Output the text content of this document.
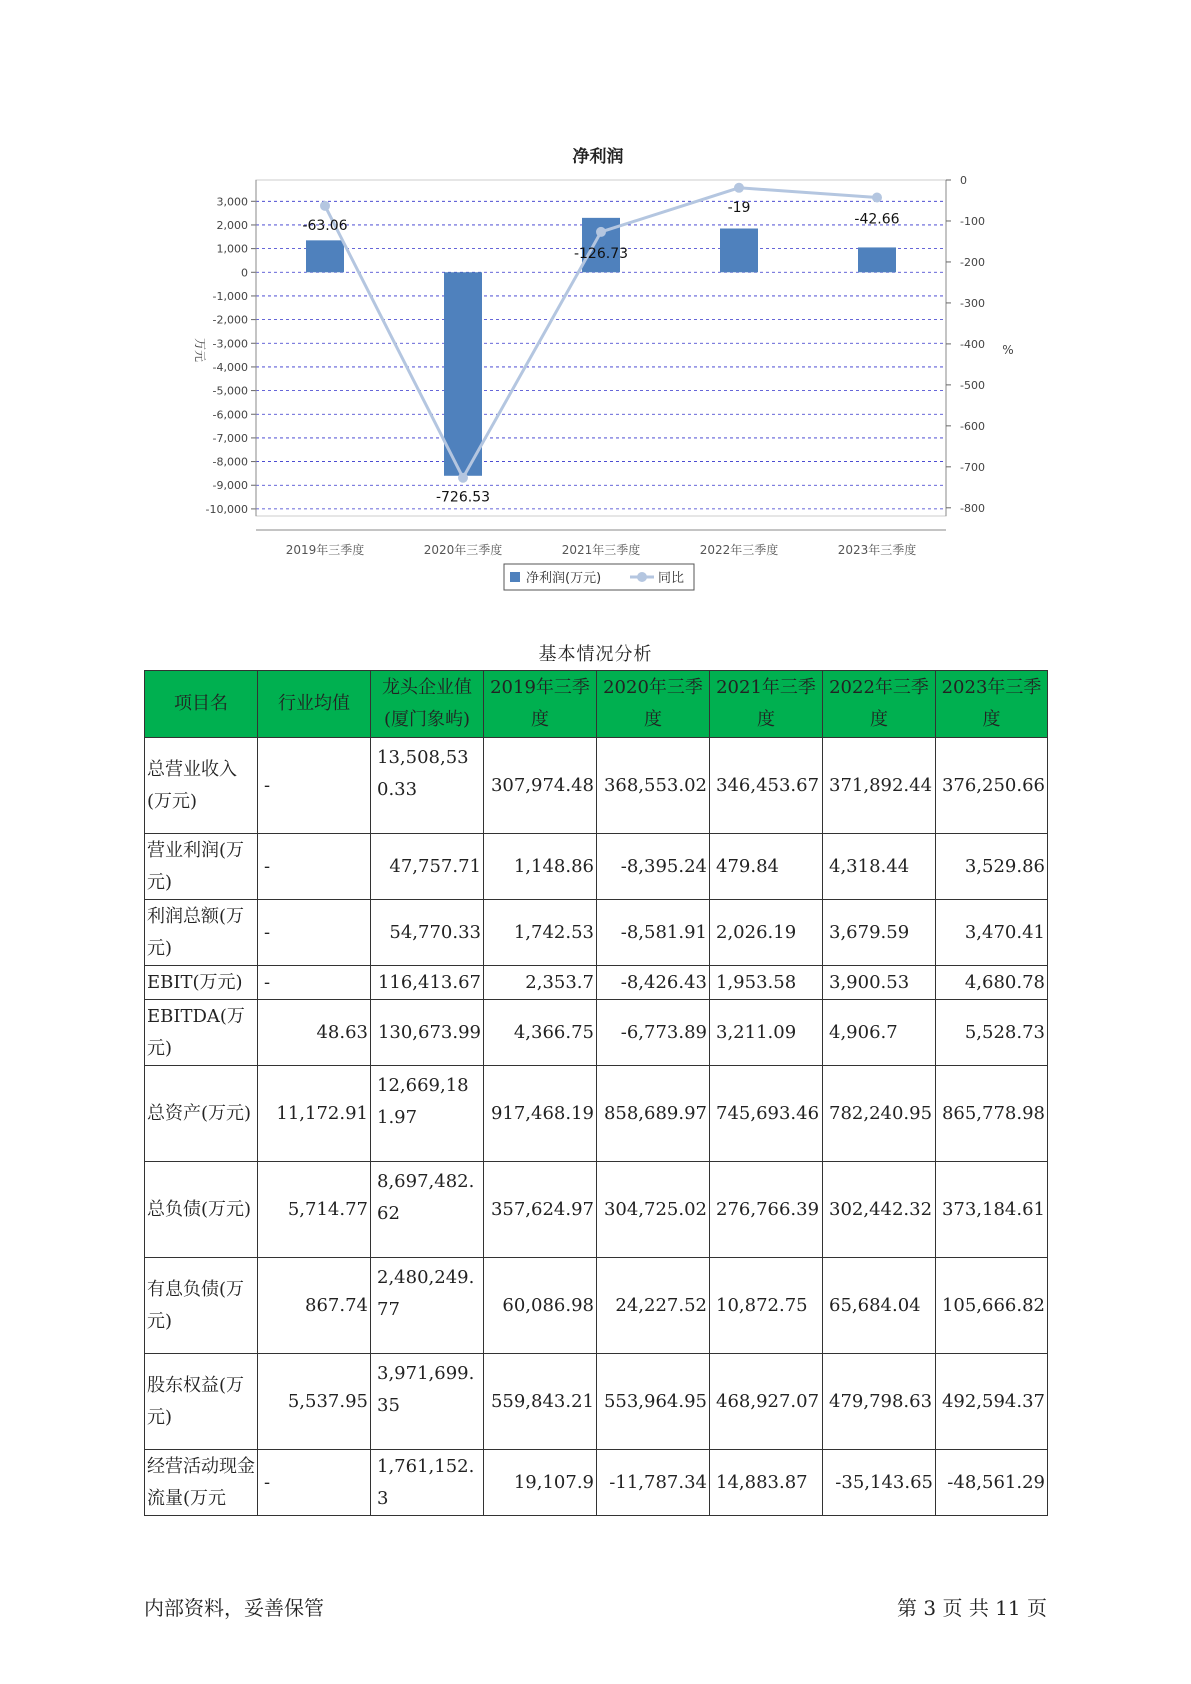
净利润
3,000
2,000
1,000
0
-1,000
-2,000
-3,000
-4,000
-5,000
-6,000
-7,000
-8,000
-9,000
-10,000
0
-100
-200
-300
-400
-500
-600
-700
-800
万元	%
2019年三季度	2020年三季度	2021年三季度	2022年三季度	2023年三季度
-63.06
-726.53
-126.73
-19
-42.66
净利润(万元)	同比
基本情况分析
项目名	行业均值	龙头企业值(厦门象屿)	2019年三季度	2020年三季度	2021年三季度	2022年三季度	2023年三季度
总营业收入(万元)	-	13,508,530.33	307,974.48	368,553.02	346,453.67	371,892.44	376,250.66
营业利润(万元)	-	47,757.71	1,148.86	-8,395.24	479.84	4,318.44	3,529.86
利润总额(万元)	-	54,770.33	1,742.53	-8,581.91	2,026.19	3,679.59	3,470.41
EBIT(万元)	-	116,413.67	2,353.7	-8,426.43	1,953.58	3,900.53	4,680.78
EBITDA(万元)	48.63	130,673.99	4,366.75	-6,773.89	3,211.09	4,906.7	5,528.73
总资产(万元)	11,172.91	12,669,181.97	917,468.19	858,689.97	745,693.46	782,240.95	865,778.98
总负债(万元)	5,714.77	8,697,482.62	357,624.97	304,725.02	276,766.39	302,442.32	373,184.61
有息负债(万元)	867.74	2,480,249.77	60,086.98	24,227.52	10,872.75	65,684.04	105,666.82
股东权益(万元)	5,537.95	3,971,699.35	559,843.21	553,964.95	468,927.07	479,798.63	492,594.37
经营活动现金流量(万元	-	1,761,152.3	19,107.9	-11,787.34	14,883.87	-35,143.65	-48,561.29
内部资料，妥善保管	第 3 页 共 11 页
